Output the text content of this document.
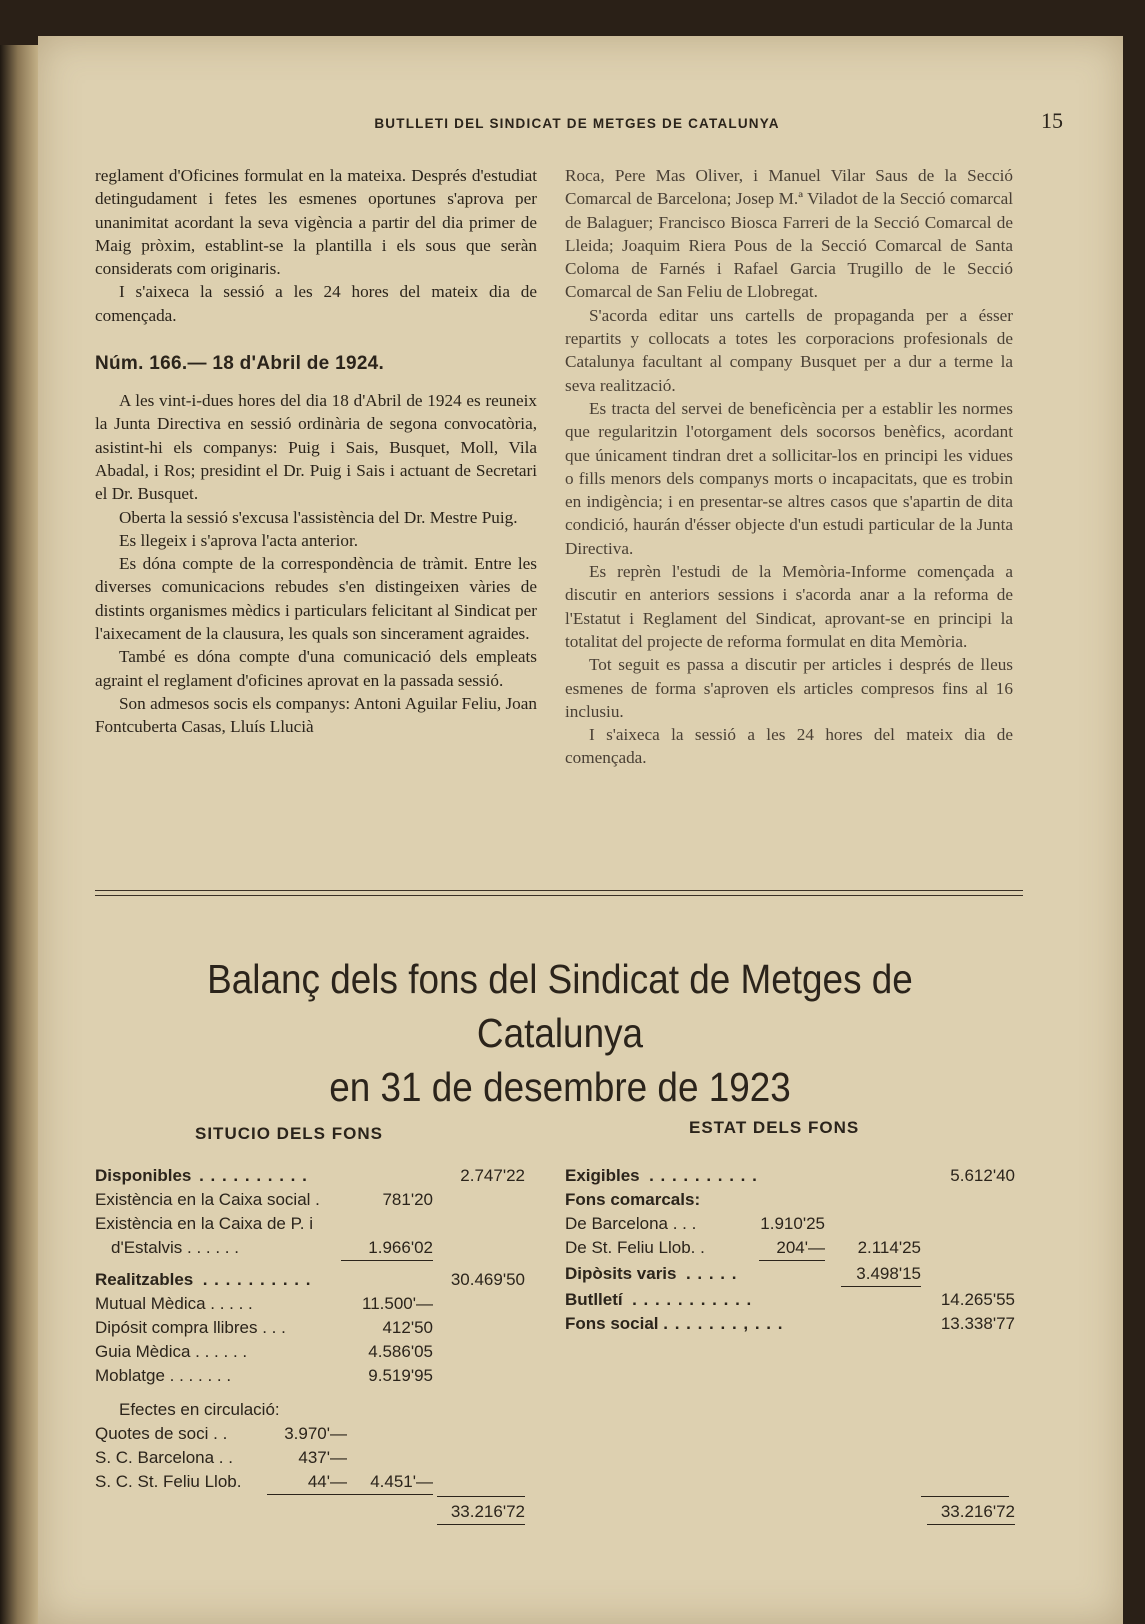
BUTLLETI DEL SINDICAT DE METGES DE CATALUNYA	15

reglament d'Oficines formulat en la mateixa. Després d'estudiat detingudament i fetes les esmenes oportunes s'aprova per unanimitat acordant la seva vigència a partir del dia primer de Maig pròxim, establint-se la plantilla i els sous que seràn considerats com originaris.

I s'aixeca la sessió a les 24 hores del mateix dia de començada.

Núm. 166.— 18 d'Abril de 1924.

A les vint-i-dues hores del dia 18 d'Abril de 1924 es reuneix la Junta Directiva en sessió ordinària de segona convocatòria, asistint-hi els companys: Puig i Sais, Busquet, Moll, Vila Abadal, i Ros; presidint el Dr. Puig i Sais i actuant de Secretari el Dr. Busquet.

Oberta la sessió s'excusa l'assistència del Dr. Mestre Puig.

Es llegeix i s'aprova l'acta anterior.

Es dóna compte de la correspondència de tràmit. Entre les diverses comunicacions rebudes s'en distingeixen vàries de distints organismes mèdics i particulars felicitant al Sindicat per l'aixecament de la clausura, les quals son sincerament agraides.

També es dóna compte d'una comunicació dels empleats agraint el reglament d'oficines aprovat en la passada sessió.

Son admesos socis els companys: Antoni Aguilar Feliu, Joan Fontcuberta Casas, Lluís Llucià

Roca, Pere Mas Oliver, i Manuel Vilar Saus de la Secció Comarcal de Barcelona; Josep M.ª Viladot de la Secció comarcal de Balaguer; Francisco Biosca Farreri de la Secció Comarcal de Lleida; Joaquim Riera Pous de la Secció Comarcal de Santa Coloma de Farnés i Rafael Garcia Trugillo de le Secció Comarcal de San Feliu de Llobregat.

S'acorda editar uns cartells de propaganda per a ésser repartits y collocats a totes les corporacions profesionals de Catalunya facultant al company Busquet per a dur a terme la seva realització.

Es tracta del servei de beneficència per a establir les normes que regularitzin l'otorgament dels socorsos benèfics, acordant que únicament tindran dret a sollicitar-los en principi les vidues o fills menors dels companys morts o incapacitats, que es trobin en indigència; i en presentar-se altres casos que s'apartin de dita condició, haurán d'ésser objecte d'un estudi particular de la Junta Directiva.

Es reprèn l'estudi de la Memòria-Informe començada a discutir en anteriors sessions i s'acorda anar a la reforma de l'Estatut i Reglament del Sindicat, aprovant-se en principi la totalitat del projecte de reforma formulat en dita Memòria.

Tot seguit es passa a discutir per articles i després de lleus esmenes de forma s'aproven els articles compresos fins al 16 inclusiu.

I s'aixeca la sessió a les 24 hores del mateix dia de començada.

Balanç dels fons del Sindicat de Metges de Catalunya
en 31 de desembre de 1923
SITUCIO DELS FONS
Disponibles . . . . . . . . . .	2.747'22
Existència en la Caixa social .	781'20
Existència en la Caixa de P. i
d'Estalvis . . . . . .	1.966'02
Realitzables . . . . . . . . . .	30.469'50
Mutual Mèdica . . . . .	11.500'—
Dipósit compra llibres . . .	412'50
Guia Mèdica . . . . . .	4.586'05
Moblatge . . . . . . .	9.519'95
Efectes en circulació:
Quotes de soci . .	3.970'—
S. C. Barcelona . .	437'—
S. C. St. Feliu Llob.	44'—	4.451'—
33.216'72
ESTAT DELS FONS
Exigibles . . . . . . . . . .	5.612'40
Fons comarcals:
De Barcelona . . .	1.910'25
De St. Feliu Llob. .	204'— 2.114'25
Dipòsits varis . . . . .	3.498'15
Butlletí . . . . . . . . . . .	14.265'55
Fons social . . . . . . . , . . .	13.338'77
33.216'72
